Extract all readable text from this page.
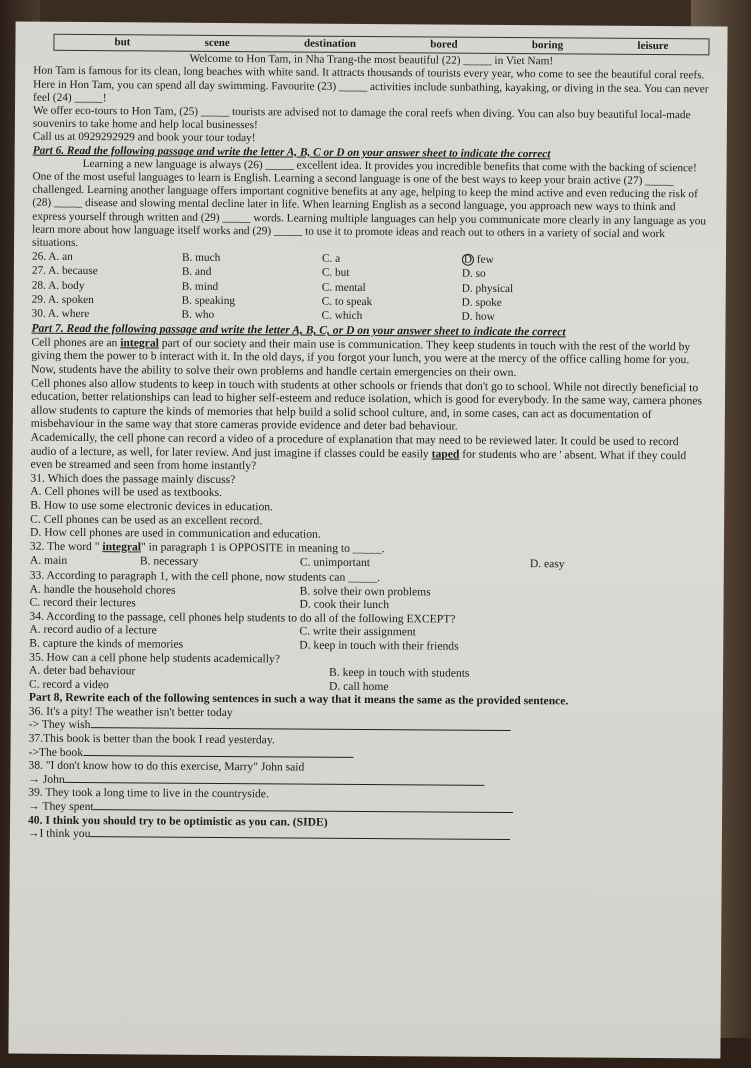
but	scene	destination	bored	boring	leisure

Welcome to Hon Tam, in Nha Trang-the most beautiful (22) _____ in Viet Nam!

Hon Tam is famous for its clean, long beaches with white sand. It attracts thousands of tourists every year, who come to see the beautiful coral reefs.

Here in Hon Tam, you can spend all day swimming. Favourite (23) _____ activities include sunbathing, kayaking, or diving in the sea. You can never feel (24) _____!

We offer eco-tours to Hon Tam, (25) _____ tourists are advised not to damage the coral reefs when diving. You can also buy beautiful local-made souvenirs to take home and help local businesses!

Call us at 0929292929 and book your tour today!

Part 6. Read the following passage and write the letter A, B, C or D on your answer sheet to indicate the correct

Learning a new language is always (26) _____ excellent idea. It provides you incredible benefits that come with the backing of science! One of the most useful languages to learn is English. Learning a second language is one of the best ways to keep your brain active (27) _____ challenged. Learning another language offers important cognitive benefits at any age, helping to keep the mind active and even reducing the risk of (28) _____ disease and slowing mental decline later in life. When learning English as a second language, you approach new ways to think and express yourself through written and (29) _____ words. Learning multiple languages can help you communicate more clearly in any language as you learn more about how language itself works and (29) _____ to use it to promote ideas and reach out to others in a variety of social and work situations.

26. A. an	B. much	C. a	D few
27. A. because	B. and	C. but	D. so
28. A. body	B. mind	C. mental	D. physical
29. A. spoken	B. speaking	C. to speak	D. spoke
30. A. where	B. who	C. which	D. how

Part 7. Read the following passage and write the letter A, B, C, or D on your answer sheet to indicate the correct

Cell phones are an integral part of our society and their main use is communication. They keep students in touch with the rest of the world by giving them the power to b interact with it. In the old days, if you forgot your lunch, you were at the mercy of the office calling home for you. Now, students have the ability to solve their own problems and handle certain emergencies on their own.

Cell phones also allow students to keep in touch with students at other schools or friends that don't go to school. While not directly beneficial to education, better relationships can lead to higher self-esteem and reduce isolation, which is good for everybody. In the same way, camera phones allow students to capture the kinds of memories that help build a solid school culture, and, in some cases, can act as documentation of misbehaviour in the same way that store cameras provide evidence and deter bad behaviour.

Academically, the cell phone can record a video of a procedure of explanation that may need to be reviewed later. It could be used to record audio of a lecture, as well, for later review. And just imagine if classes could be easily taped for students who are ' absent. What if they could even be streamed and seen from home instantly?

31. Which does the passage mainly discuss?

A. Cell phones will be used as textbooks.

B. How to use some electronic devices in education.

C. Cell phones can be used as an excellent record.

D. How cell phones are used in communication and education.

32. The word " integral" in paragraph 1 is OPPOSITE in meaning to _____.

A. main	B. necessary	C. unimportant	D. easy

33. According to paragraph 1, with the cell phone, now students can _____.

A. handle the household chores	B. solve their own problems
C. record their lectures	D. cook their lunch

34. According to the passage, cell phones help students to do all of the following EXCEPT?

A. record audio of a lecture	C. write their assignment
B. capture the kinds of memories	D. keep in touch with their friends

35. How can a cell phone help students academically?

A. deter bad behaviour	B. keep in touch with students
C. record a video	D. call home

Part 8, Rewrite each of the following sentences in such a way that it means the same as the provided sentence.

36. It's a pity! The weather isn't better today

-> They wish

37.This book is better than the book I read yesterday.

->The book

38. "I don't know how to do this exercise, Marry" John said

→ John

39. They took a long time to live in the countryside.

→ They spent

40. I think you should try to be optimistic as you can. (SIDE)

→I think you
